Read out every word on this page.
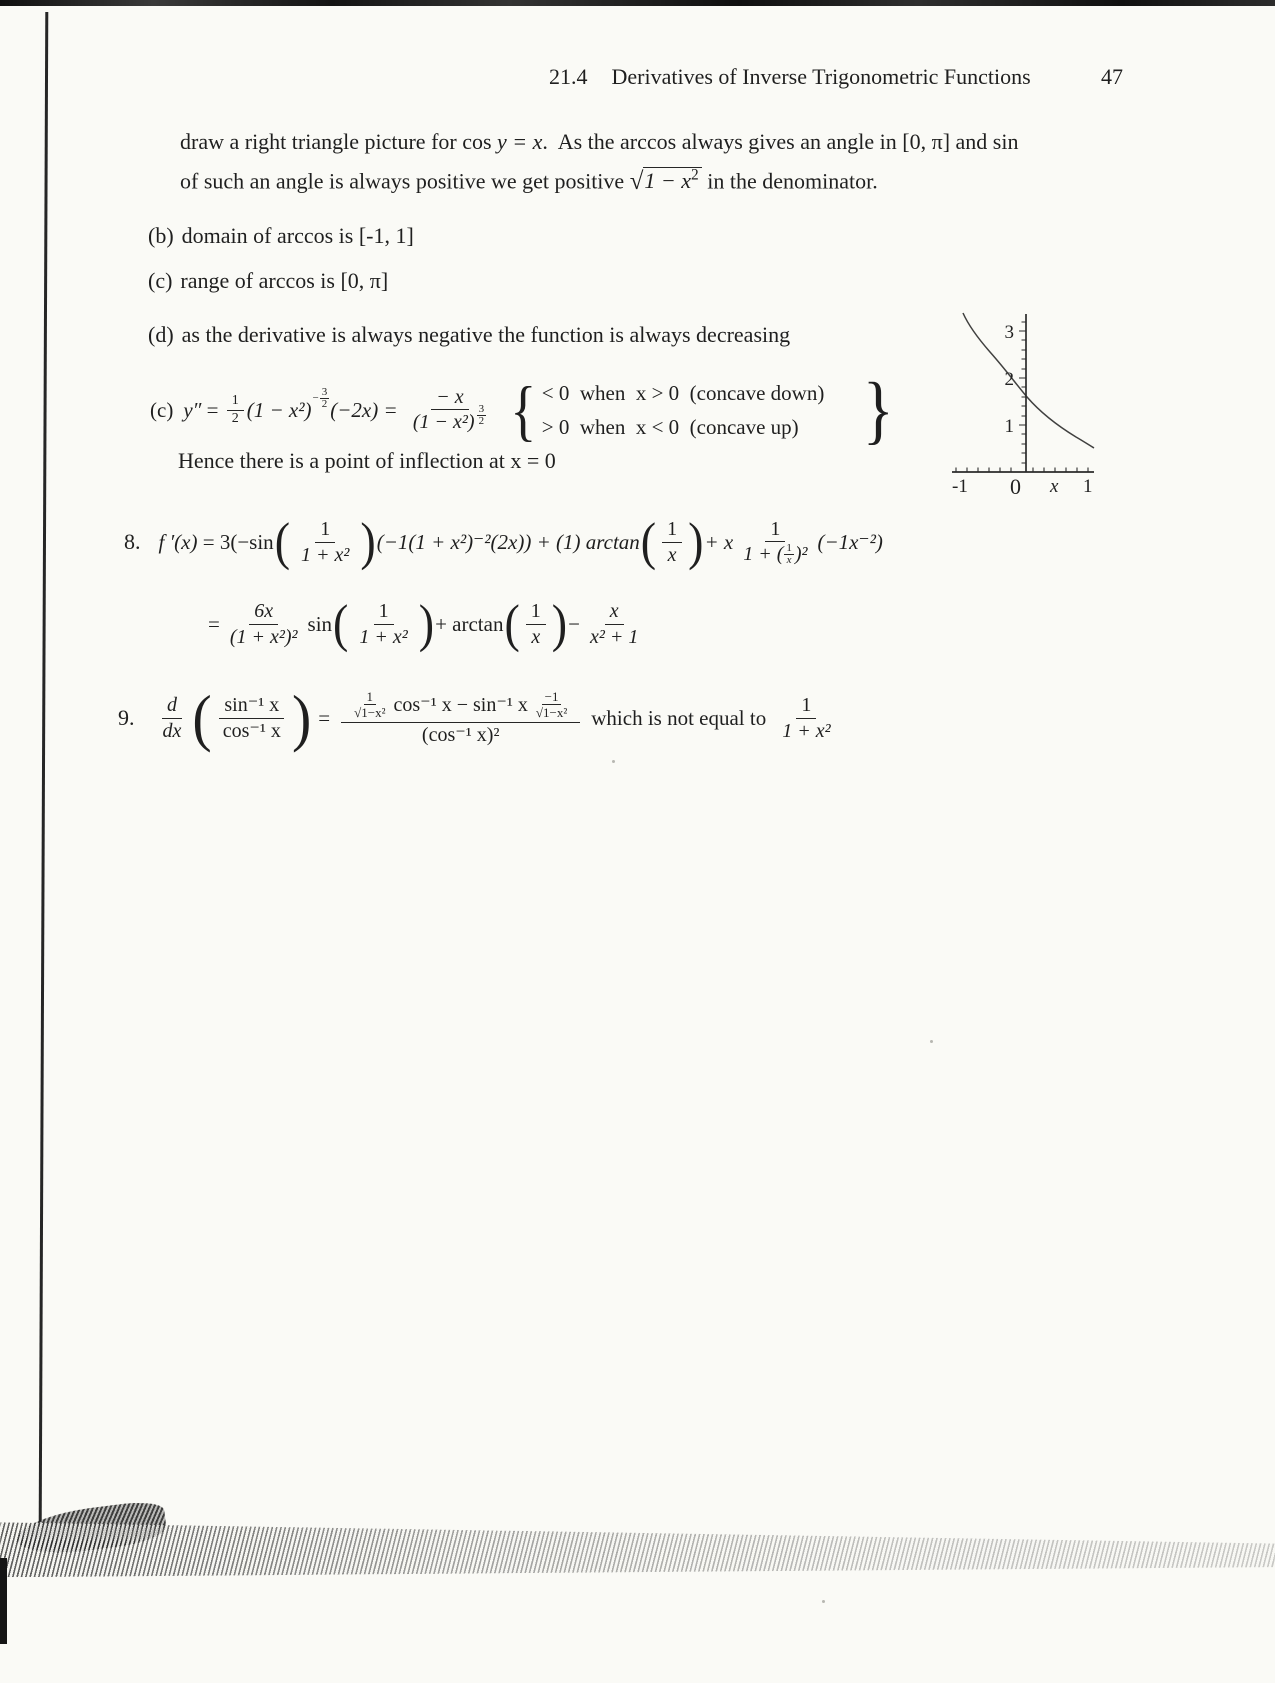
21.4 Derivatives of Inverse Trigonometric Functions	47
draw a right triangle picture for cos y = x.  As the arccos always gives an angle in [0, π] and sin
of such an angle is always positive we get positive $√1 - x^2$ in the denominator.
(b) domain of arccos is [-1, 1]
(c) range of arccos is [0, π]
(d) as the derivative is always negative the function is always decreasing
(c) $y'' = \frac{1}{2} (1 - x^2) - \frac{3}{2} (-2x) = \frac{- x}{(1 - x^2) \frac{3}{2}}$ { < 0  when  x > 0  (concave down)
> 0  when  x < 0  (concave up) }
Hence there is a point of inflection at x = 0
3
2
1
-1 0 x 1
8. f ′(x) = 3(−sin ( $\frac{1}{\text{1 + x²}}$ ) (−1(1 + x²)⁻²(2x)) + (1) arctan ( $\frac{1}{x}$ ) + x $\frac{1}{1 + ( \frac{1}{x} )^2} (-1x^{-2})$
= $\frac{6x}{\text{(1 + x²)²}}$ sin ( $\frac{1}{\text{1 + x²}}$ ) + arctan ( $\frac{1}{x}$ ) − $\frac{x}{\text{x² + 1}}$
9. $\frac{d}{dx}$ ( $\frac{\text{sin⁻¹ x}}{\text{cos⁻¹ x}}$ ) = $\frac{\frac{1}{\text{√1−x²}} \cos^{-1} x - \sin^{-1} x \frac{-1}{\text{√1−x²}}}{\text{(cos⁻¹ x)²}}$ which is not equal to $\frac{1}{\text{1 + x²}}$
